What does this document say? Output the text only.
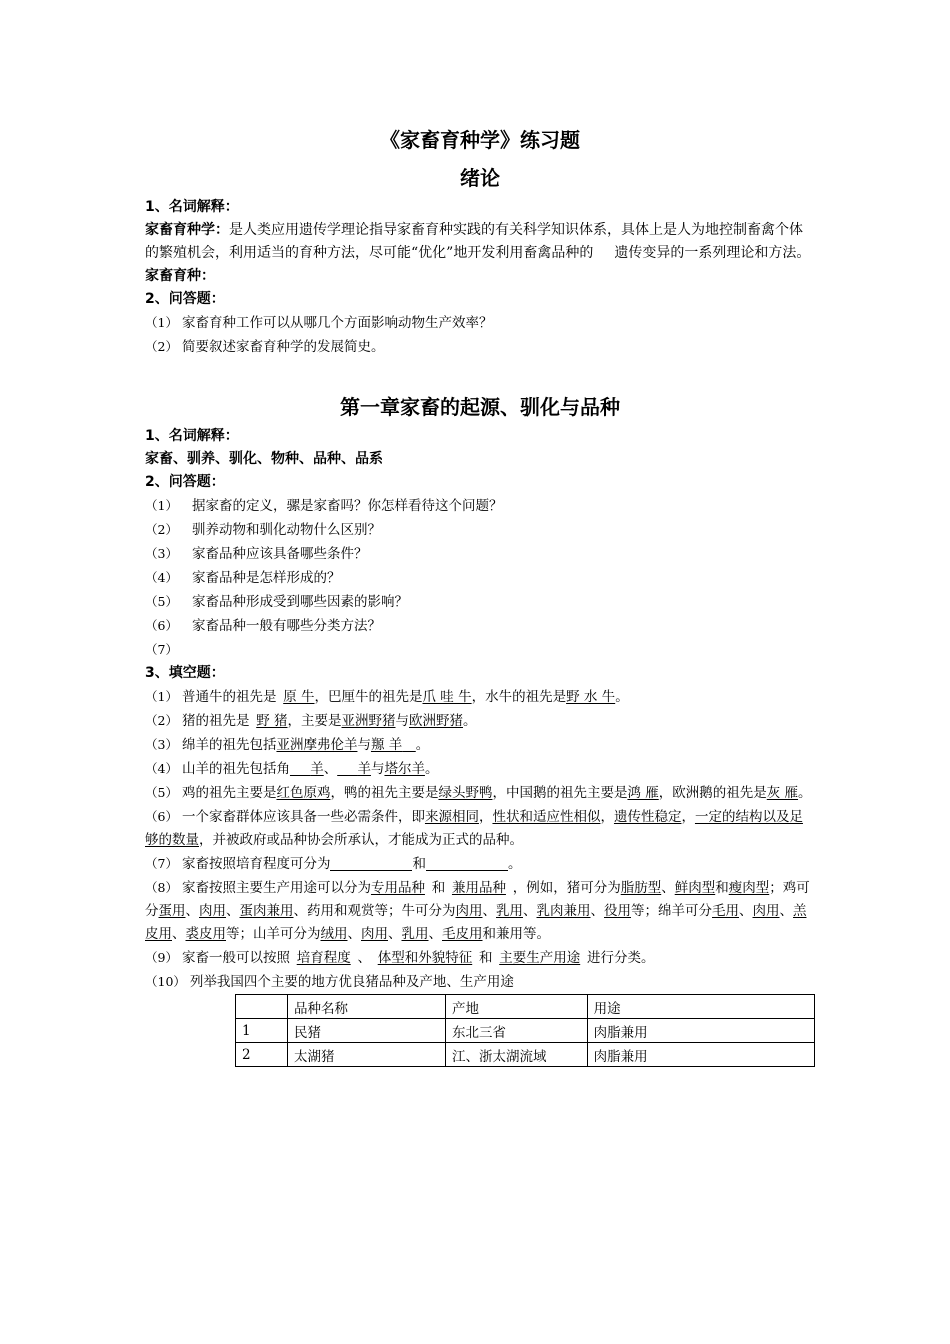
《家畜育种学》练习题
绪论

1、名词解释：

家畜育种学：是人类应用遗传学理论指导家畜育种实践的有关科学知识体系，具体上是人为地控制畜禽个体的繁殖机会，利用适当的育种方法，尽可能“优化”地开发利用畜禽品种的   遗传变异的一系列理论和方法。

家畜育种：

2、问答题：

（1） 家畜育种工作可以从哪几个方面影响动物生产效率？

（2） 简要叙述家畜育种学的发展简史。

第一章家畜的起源、驯化与品种

1、名词解释：

家畜、驯养、驯化、物种、品种、品系

2、问答题：

（1） 据家畜的定义，骡是家畜吗？你怎样看待这个问题？

（2） 驯养动物和驯化动物什么区别？

（3） 家畜品种应该具备哪些条件？

（4） 家畜品种是怎样形成的？

（5） 家畜品种形成受到哪些因素的影响？

（6） 家畜品种一般有哪些分类方法？

（7）

3、填空题：

（1） 普通牛的祖先是  原 牛，巴厘牛的祖先是爪 哇 牛，水牛的祖先是野 水 牛。

（2） 猪的祖先是  野 猪，主要是亚洲野猪与欧洲野猪。

（3） 绵羊的祖先包括亚洲摩弗伦羊与羱 羊  。

（4） 山羊的祖先包括角   羊、   羊与塔尔羊。

（5） 鸡的祖先主要是红色原鸡，鸭的祖先主要是绿头野鸭，中国鹅的祖先主要是鸿 雁，欧洲鹅的祖先是灰 雁。

（6） 一个家畜群体应该具备一些必需条件，即来源相同，性状和适应性相似，遗传性稳定，一定的结构以及足够的数量，并被政府或品种协会所承认，才能成为正式的品种。

（7） 家畜按照培育程度可分为	和	。

（8） 家畜按照主要生产用途可以分为专用品种  和  兼用品种  ，例如，猪可分为脂肪型、鲜肉型和瘦肉型；鸡可分蛋用、肉用、蛋肉兼用、药用和观赏等；牛可分为肉用、乳用、乳肉兼用、役用等；绵羊可分毛用、肉用、羔皮用、裘皮用等；山羊可分为绒用、肉用、乳用、毛皮用和兼用等。

（9） 家畜一般可以按照  培育程度  、  体型和外貌特征  和  主要生产用途  进行分类。

（10） 列举我国四个主要的地方优良猪品种及产地、生产用途

	品种名称	产地	用途
1	民猪	东北三省	肉脂兼用
2	太湖猪	江、浙太湖流域	肉脂兼用
